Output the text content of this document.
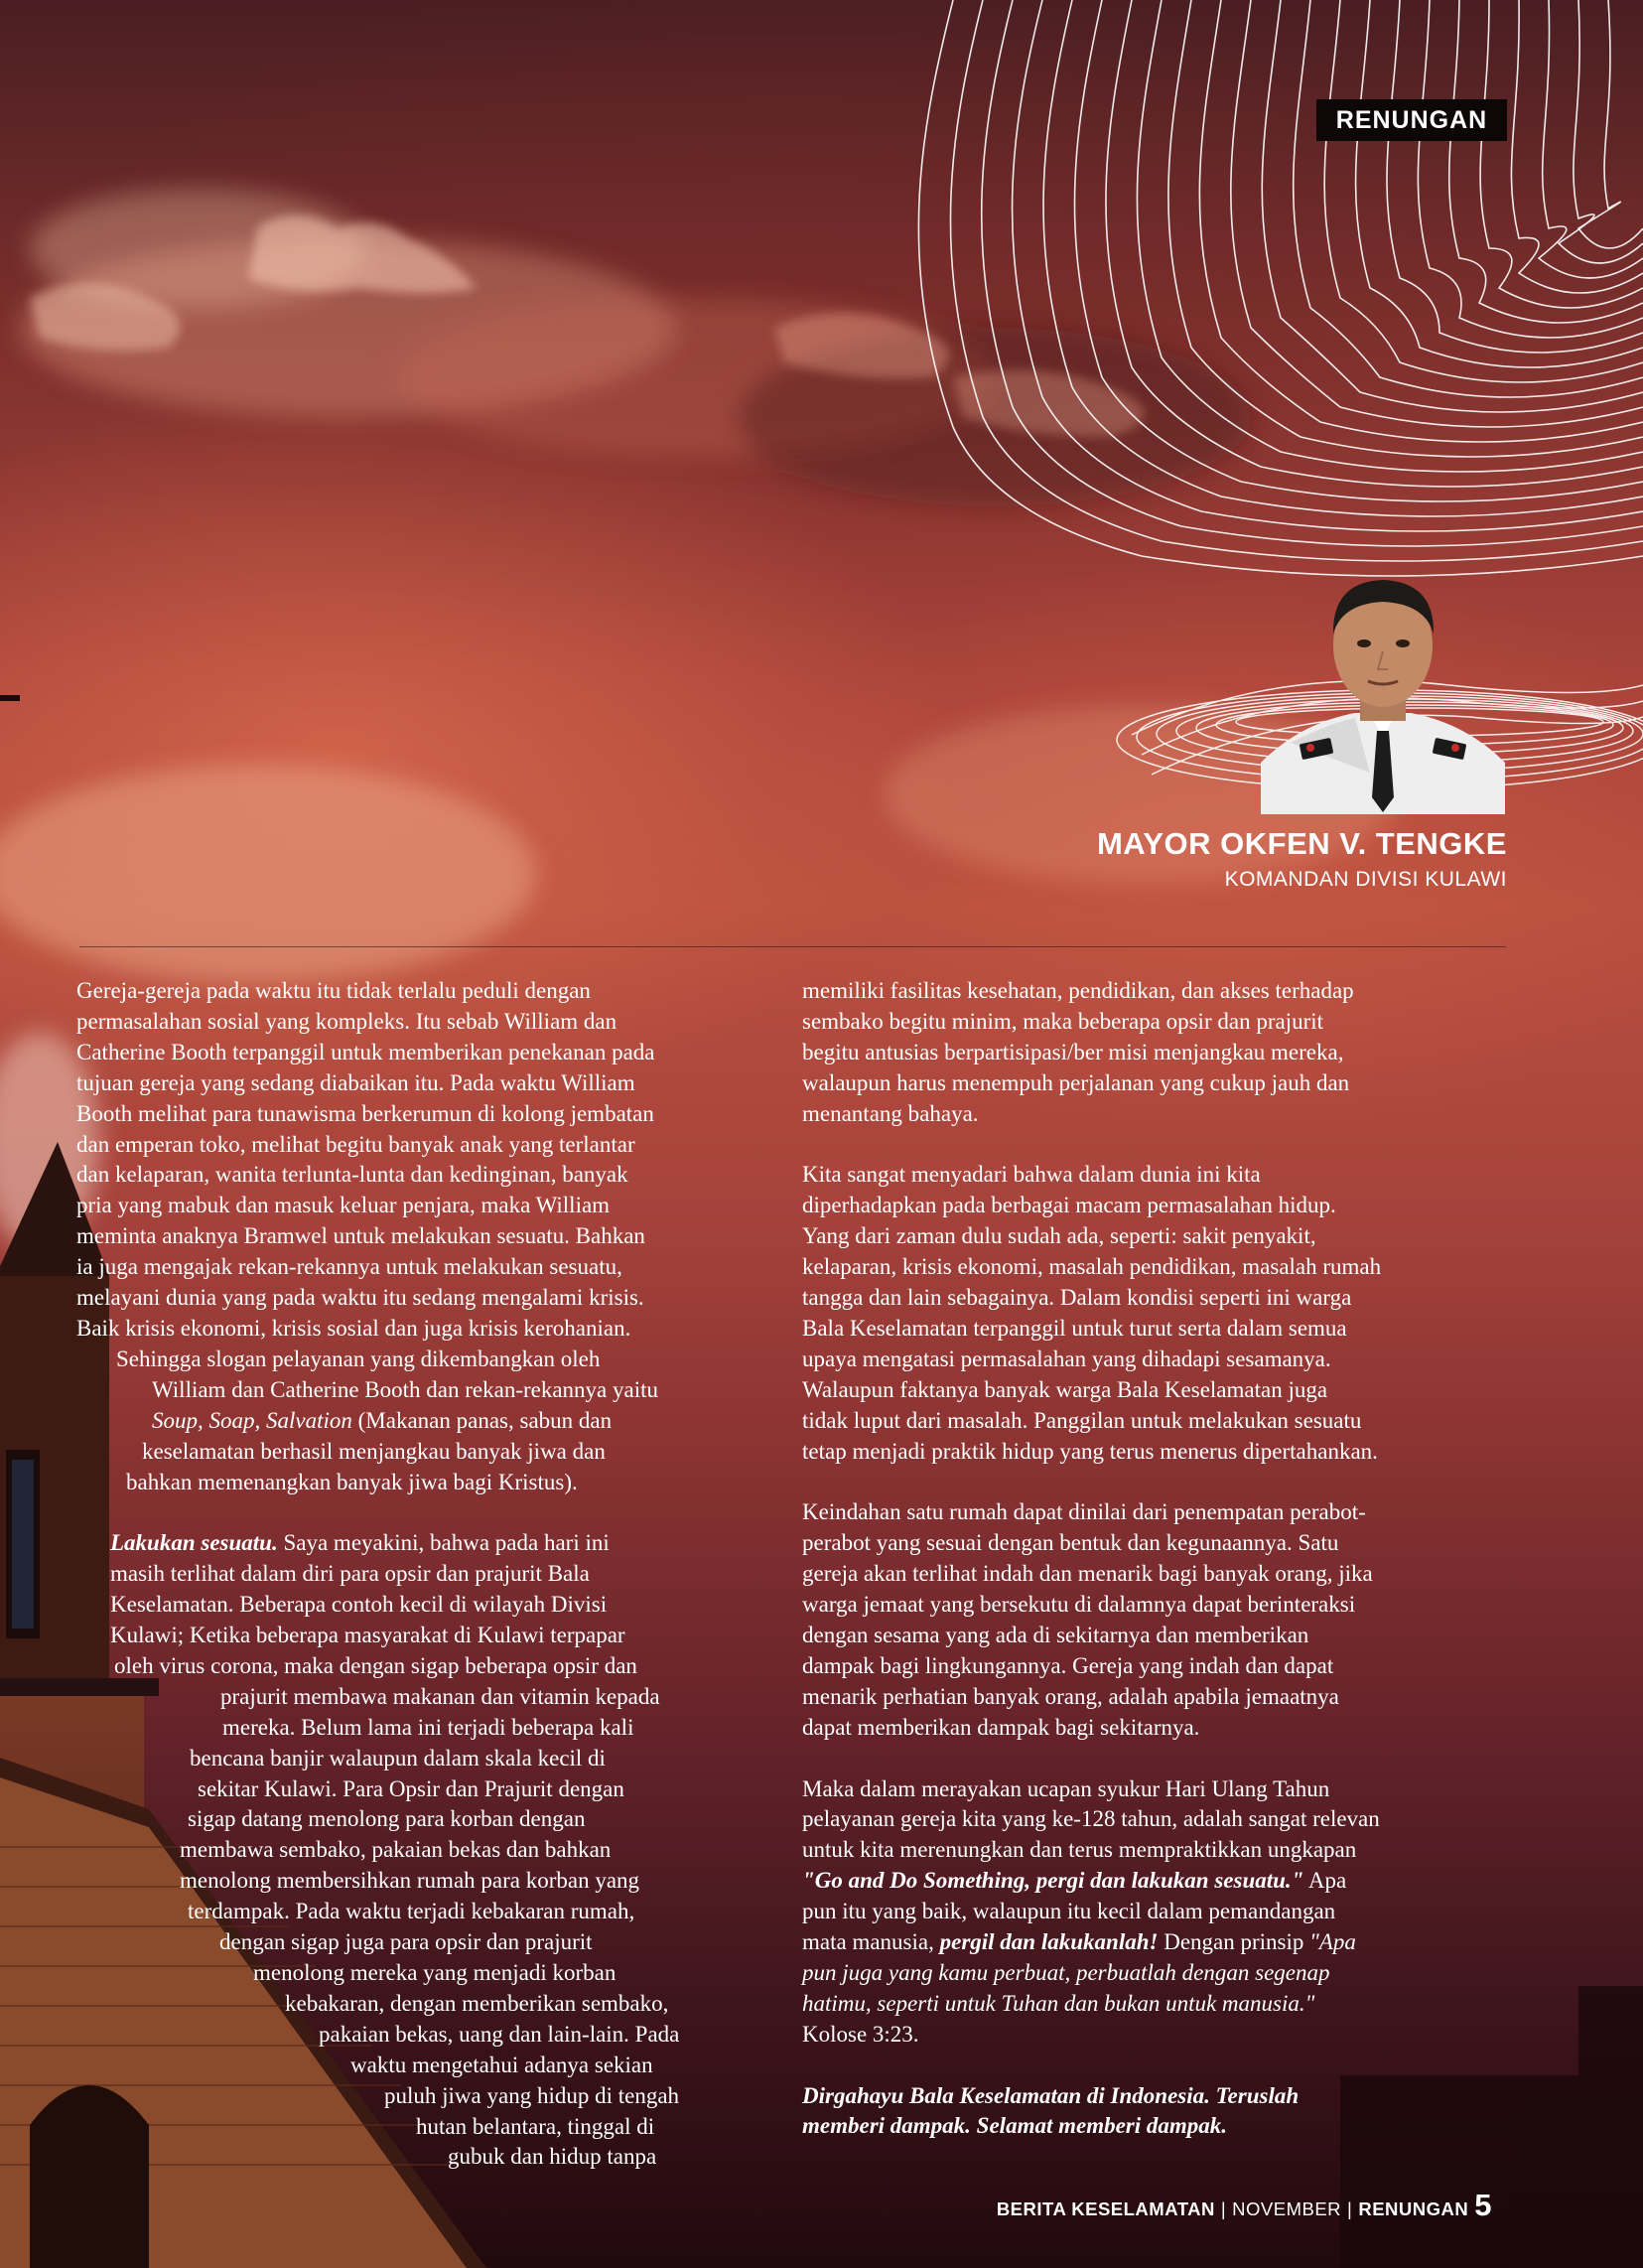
RENUNGAN
MAYOR OKFEN V. TENGKE
KOMANDAN DIVISI KULAWI

Gereja-gereja pada waktu itu tidak terlalu peduli dengan

permasalahan sosial yang kompleks. Itu sebab William dan

Catherine Booth terpanggil untuk memberikan penekanan pada

tujuan gereja yang sedang diabaikan itu. Pada waktu William

Booth melihat para tunawisma berkerumun di kolong jembatan

dan emperan toko, melihat begitu banyak anak yang terlantar

dan kelaparan, wanita terlunta-lunta dan kedinginan, banyak

pria yang mabuk dan masuk keluar penjara, maka William

meminta anaknya Bramwel untuk melakukan sesuatu. Bahkan

ia juga mengajak rekan-rekannya untuk melakukan sesuatu,

melayani dunia yang pada waktu itu sedang mengalami krisis.

Baik krisis ekonomi, krisis sosial dan juga krisis kerohanian.

Sehingga slogan pelayanan yang dikembangkan oleh

William dan Catherine Booth dan rekan-rekannya yaitu

Soup, Soap, Salvation (Makanan panas, sabun dan

keselamatan berhasil menjangkau banyak jiwa dan

bahkan memenangkan banyak jiwa bagi Kristus).

Lakukan sesuatu. Saya meyakini, bahwa pada hari ini

masih terlihat dalam diri para opsir dan prajurit Bala

Keselamatan. Beberapa contoh kecil di wilayah Divisi

Kulawi; Ketika beberapa masyarakat di Kulawi terpapar

oleh virus corona, maka dengan sigap beberapa opsir dan

prajurit membawa makanan dan vitamin kepada

mereka. Belum lama ini terjadi beberapa kali

bencana banjir walaupun dalam skala kecil di

sekitar Kulawi. Para Opsir dan Prajurit dengan

sigap datang menolong para korban dengan

membawa sembako, pakaian bekas dan bahkan

menolong membersihkan rumah para korban yang

terdampak. Pada waktu terjadi kebakaran rumah,

dengan sigap juga para opsir dan prajurit

menolong mereka yang menjadi korban

kebakaran, dengan memberikan sembako,

pakaian bekas, uang dan lain-lain. Pada

waktu mengetahui adanya sekian

puluh jiwa yang hidup di tengah

hutan belantara, tinggal di

gubuk dan hidup tanpa

memiliki fasilitas kesehatan, pendidikan, dan akses terhadap

sembako begitu minim, maka beberapa opsir dan prajurit

begitu antusias berpartisipasi/ber misi menjangkau mereka,

walaupun harus menempuh perjalanan yang cukup jauh dan

menantang bahaya.

Kita sangat menyadari bahwa dalam dunia ini kita

diperhadapkan pada berbagai macam permasalahan hidup.

Yang dari zaman dulu sudah ada, seperti: sakit penyakit,

kelaparan, krisis ekonomi, masalah pendidikan, masalah rumah

tangga dan lain sebagainya. Dalam kondisi seperti ini warga

Bala Keselamatan terpanggil untuk turut serta dalam semua

upaya mengatasi permasalahan yang dihadapi sesamanya.

Walaupun faktanya banyak warga Bala Keselamatan juga

tidak luput dari masalah. Panggilan untuk melakukan sesuatu

tetap menjadi praktik hidup yang terus menerus dipertahankan.

Keindahan satu rumah dapat dinilai dari penempatan perabot-

perabot yang sesuai dengan bentuk dan kegunaannya. Satu

gereja akan terlihat indah dan menarik bagi banyak orang, jika

warga jemaat yang bersekutu di dalamnya dapat berinteraksi

dengan sesama yang ada di sekitarnya dan memberikan

dampak bagi lingkungannya. Gereja yang indah dan dapat

menarik perhatian banyak orang, adalah apabila jemaatnya

dapat memberikan dampak bagi sekitarnya.

Maka dalam merayakan ucapan syukur Hari Ulang Tahun

pelayanan gereja kita yang ke-128 tahun, adalah sangat relevan

untuk kita merenungkan dan terus mempraktikkan ungkapan

"Go and Do Something, pergi dan lakukan sesuatu." Apa

pun itu yang baik, walaupun itu kecil dalam pemandangan

mata manusia, pergil dan lakukanlah! Dengan prinsip "Apa

pun juga yang kamu perbuat, perbuatlah dengan segenap

hatimu, seperti untuk Tuhan dan bukan untuk manusia."

Kolose 3:23.

Dirgahayu Bala Keselamatan di Indonesia. Teruslah

memberi dampak. Selamat memberi dampak.

BERITA KESELAMATAN | NOVEMBER | RENUNGAN 5
